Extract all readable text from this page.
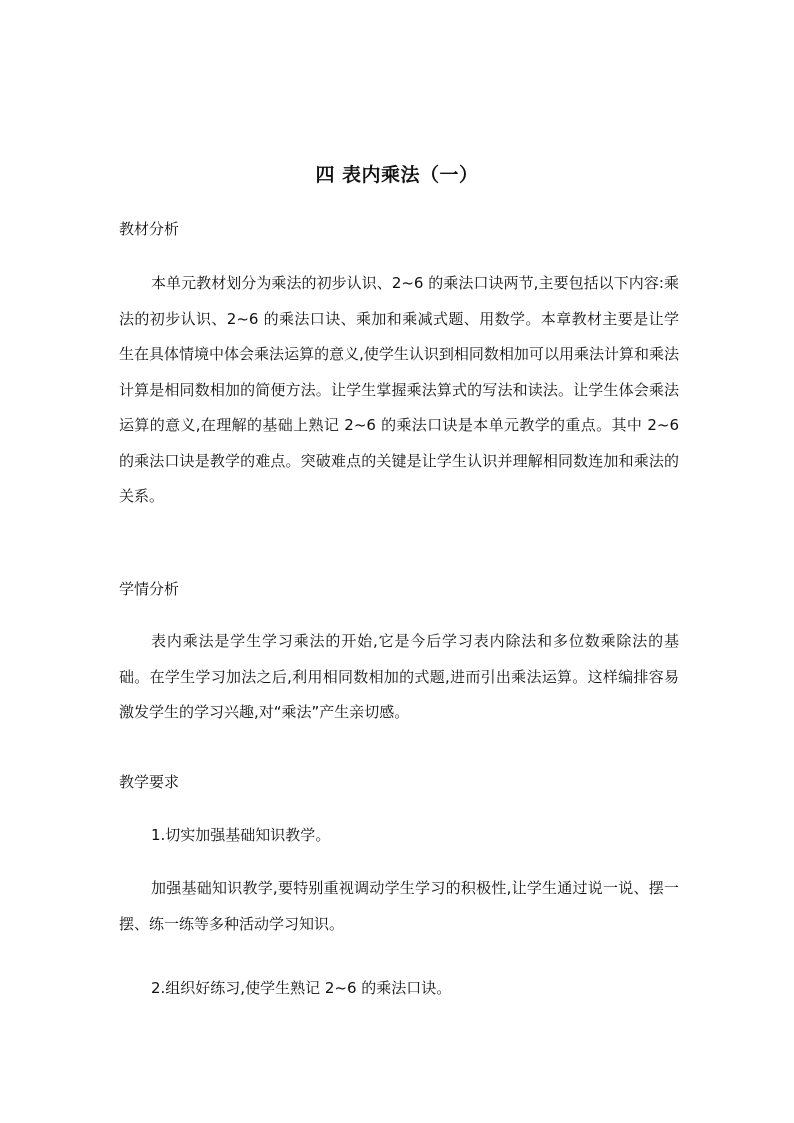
四 表内乘法（一）
教材分析

本单元教材划分为乘法的初步认识、2~6 的乘法口诀两节,主要包括以下内容:乘法的初步认识、2~6 的乘法口诀、乘加和乘减式题、用数学。本章教材主要是让学生在具体情境中体会乘法运算的意义,使学生认识到相同数相加可以用乘法计算和乘法计算是相同数相加的简便方法。让学生掌握乘法算式的写法和读法。让学生体会乘法运算的意义,在理解的基础上熟记 2~6 的乘法口诀是本单元教学的重点。其中 2~6 的乘法口诀是教学的难点。突破难点的关键是让学生认识并理解相同数连加和乘法的关系。

学情分析

表内乘法是学生学习乘法的开始,它是今后学习表内除法和多位数乘除法的基础。在学生学习加法之后,利用相同数相加的式题,进而引出乘法运算。这样编排容易激发学生的学习兴趣,对“乘法”产生亲切感。

教学要求
1.切实加强基础知识教学。

加强基础知识教学,要特别重视调动学生学习的积极性,让学生通过说一说、摆一摆、练一练等多种活动学习知识。

2.组织好练习,使学生熟记 2~6 的乘法口诀。
